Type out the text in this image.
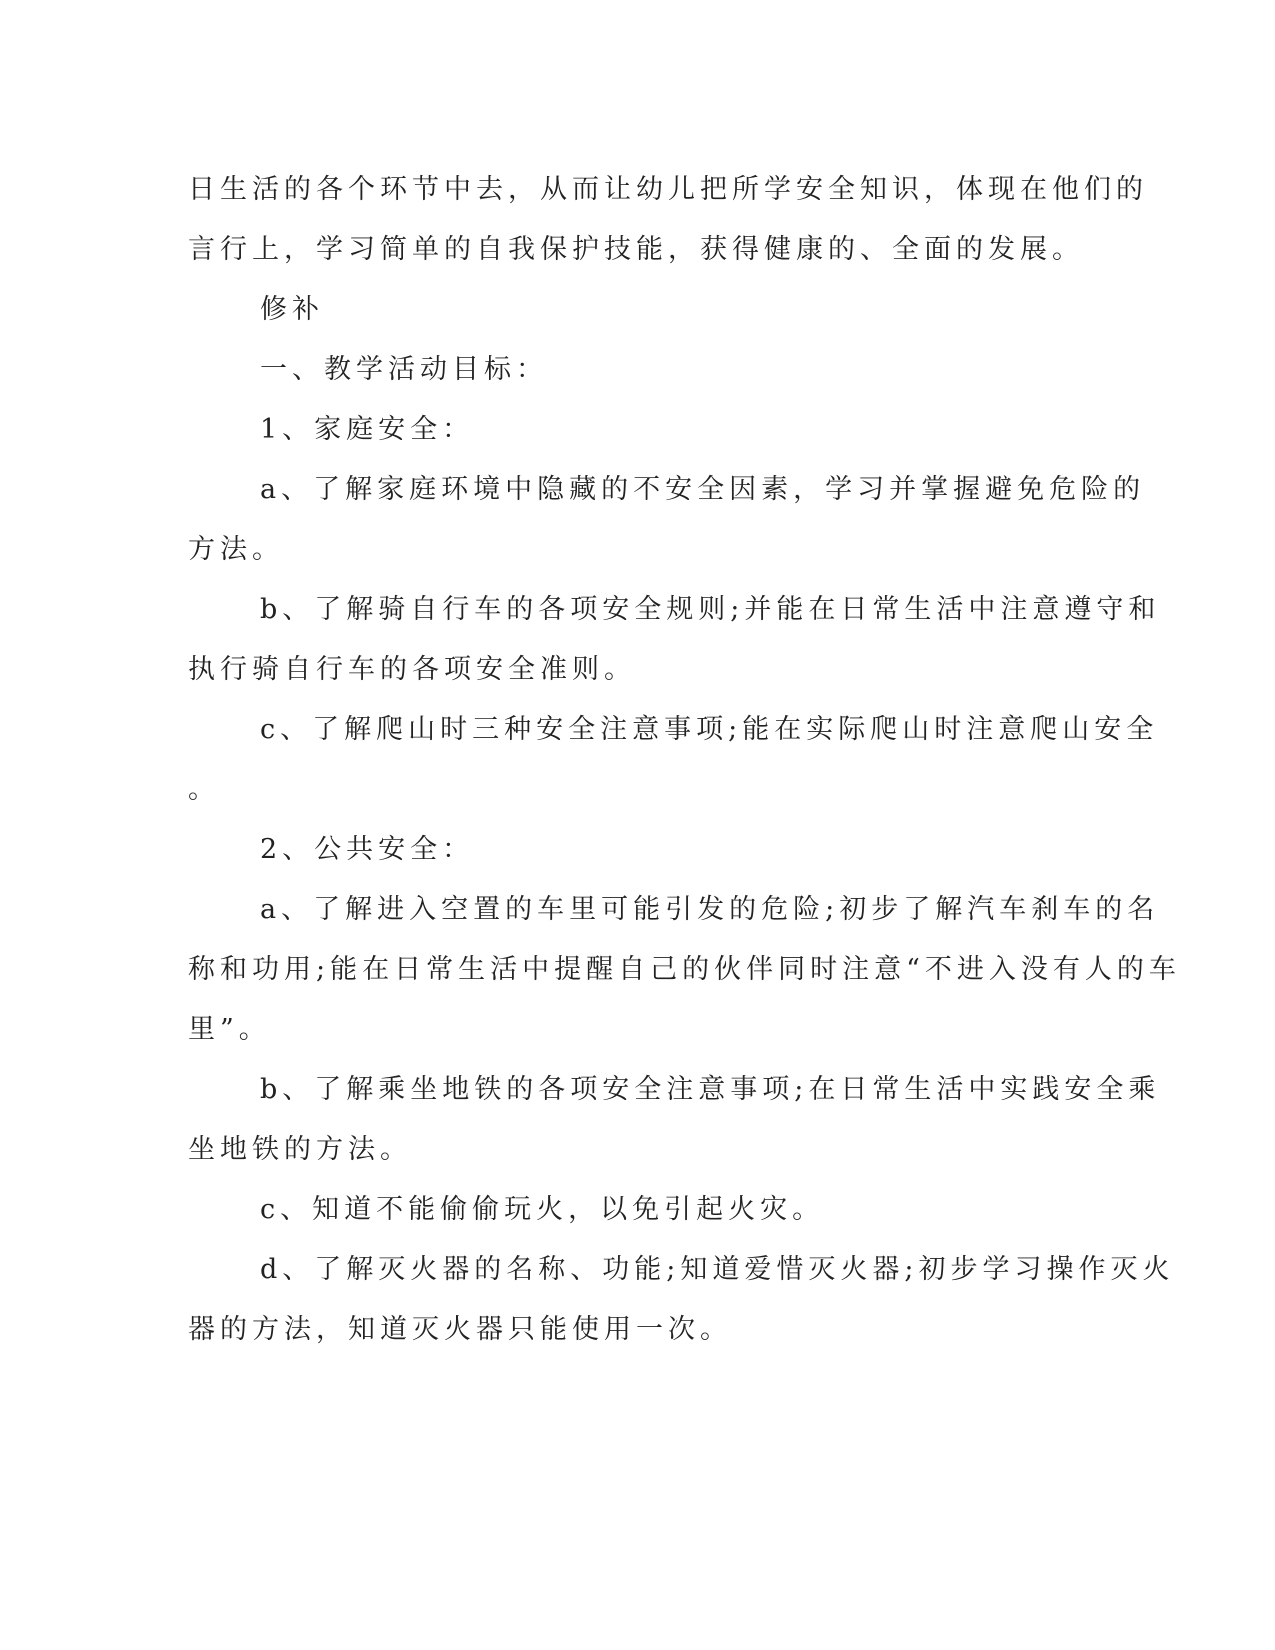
日生活的各个环节中去，从而让幼儿把所学安全知识，体现在他们的
言行上，学习简单的自我保护技能，获得健康的、全面的发展。
修补
一、教学活动目标：
1、家庭安全：
a、了解家庭环境中隐藏的不安全因素，学习并掌握避免危险的
方法。
b、了解骑自行车的各项安全规则;并能在日常生活中注意遵守和
执行骑自行车的各项安全准则。
c、了解爬山时三种安全注意事项;能在实际爬山时注意爬山安全
。
2、公共安全：
a、了解进入空置的车里可能引发的危险;初步了解汽车刹车的名
称和功用;能在日常生活中提醒自己的伙伴同时注意“不进入没有人的车
里”。
b、了解乘坐地铁的各项安全注意事项;在日常生活中实践安全乘
坐地铁的方法。
c、知道不能偷偷玩火，以免引起火灾。
d、了解灭火器的名称、功能;知道爱惜灭火器;初步学习操作灭火
器的方法，知道灭火器只能使用一次。
